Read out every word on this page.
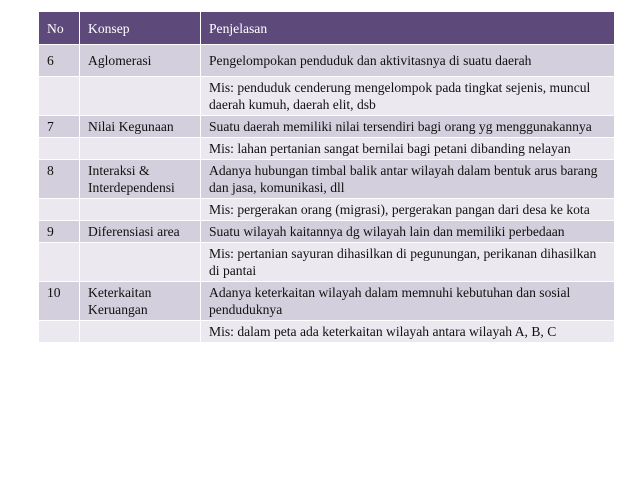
No	Konsep	Penjelasan
6	Aglomerasi	Pengelompokan penduduk dan aktivitasnya di suatu daerah
		Mis: penduduk cenderung mengelompok pada tingkat sejenis, muncul daerah kumuh, daerah elit, dsb
7	Nilai Kegunaan	Suatu daerah memiliki nilai tersendiri bagi orang yg menggunakannya
		Mis: lahan pertanian sangat bernilai bagi petani dibanding nelayan
8	Interaksi & Interdependensi	Adanya hubungan timbal balik antar wilayah dalam bentuk arus barang dan jasa, komunikasi, dll
		Mis: pergerakan orang (migrasi), pergerakan pangan dari desa ke kota
9	Diferensiasi area	Suatu wilayah kaitannya dg wilayah lain dan memiliki perbedaan
		Mis: pertanian sayuran dihasilkan di pegunungan, perikanan dihasilkan di pantai
10	Keterkaitan Keruangan	Adanya keterkaitan wilayah dalam memnuhi kebutuhan dan sosial penduduknya
		Mis: dalam peta ada keterkaitan wilayah antara wilayah A, B, C
